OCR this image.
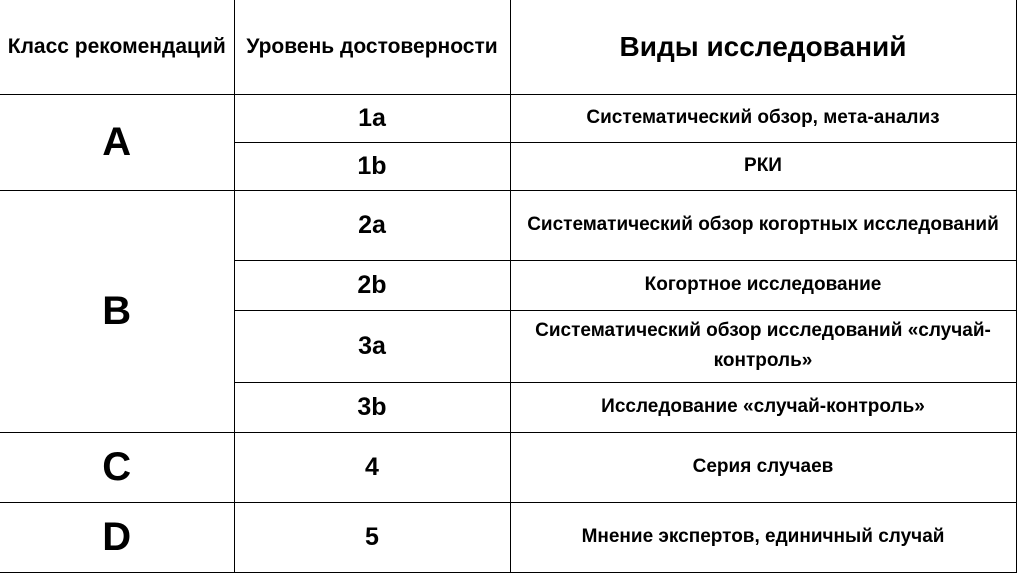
Класс рекомендаций	Уровень достоверности	Виды исследований
A	1a	Систематический обзор, мета-анализ
	1b	РКИ
B	2a	Систематический обзор когортных исследований
	2b	Когортное исследование
	3a	Систематический обзор исследований «случай-контроль»
	3b	Исследование «случай-контроль»
C	4	Серия случаев
D	5	Мнение экспертов, единичный случай
